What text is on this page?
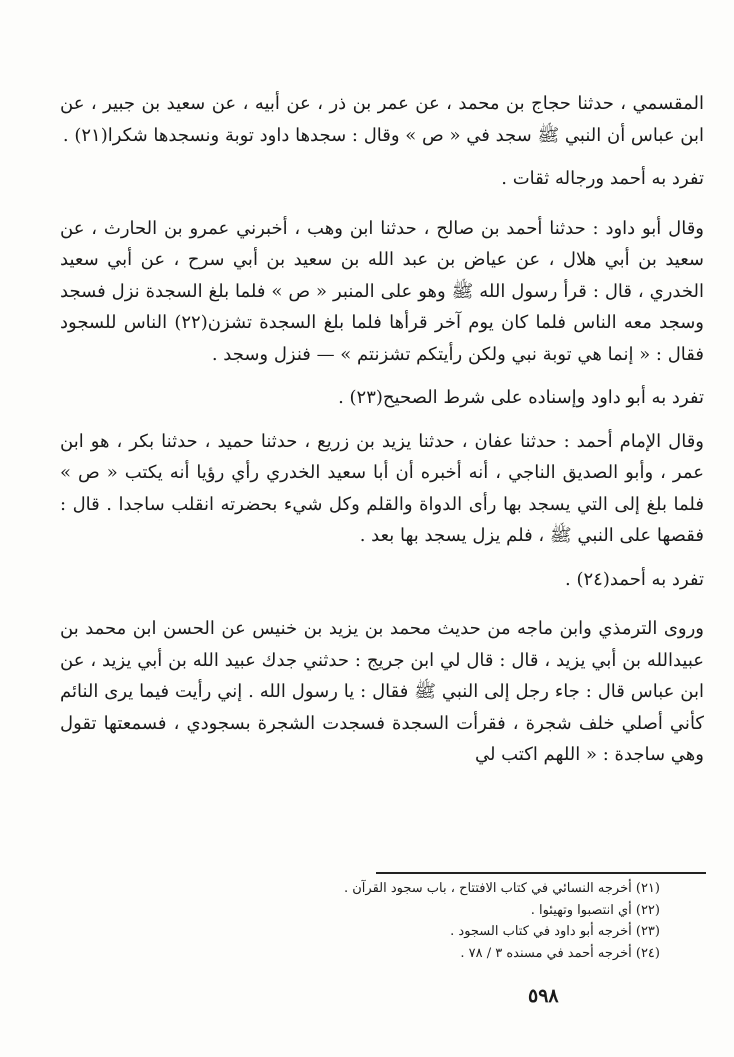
المقسمي ، حدثنا حجاج بن محمد ، عن عمر بن ذر ، عن أبيه ، عن سعيد بن جبير ، عن ابن عباس أن النبي ﷺ سجد في « ص » وقال : سجدها داود توبة ونسجدها شكرا(٢١) .

تفرد به أحمد ورجاله ثقات .

وقال أبو داود : حدثنا أحمد بن صالح ، حدثنا ابن وهب ، أخبرني عمرو بن الحارث ، عن سعيد بن أبي هلال ، عن عياض بن عبد الله بن سعيد بن أبي سرح ، عن أبي سعيد الخدري ، قال : قرأ رسول الله ﷺ وهو على المنبر « ص » فلما بلغ السجدة نزل فسجد وسجد معه الناس فلما كان يوم آخر قرأها فلما بلغ السجدة تشزن(٢٢) الناس للسجود فقال : « إنما هي توبة نبي ولكن رأيتكم تشزنتم » — فنزل وسجد .

تفرد به أبو داود وإسناده على شرط الصحيح(٢٣) .

وقال الإمام أحمد : حدثنا عفان ، حدثنا يزيد بن زريع ، حدثنا حميد ، حدثنا بكر ، هو ابن عمر ، وأبو الصديق الناجي ، أنه أخبره أن أبا سعيد الخدري رأي رؤيا أنه يكتب « ص » فلما بلغ إلى التي يسجد بها رأى الدواة والقلم وكل شيء بحضرته انقلب ساجدا . قال : فقصها على النبي ﷺ ، فلم يزل يسجد بها بعد .

تفرد به أحمد(٢٤) .

وروى الترمذي وابن ماجه من حديث محمد بن يزيد بن خنيس عن الحسن ابن محمد بن عبيدالله بن أبي يزيد ، قال : قال لي ابن جريج : حدثني جدك عبيد الله بن أبي يزيد ، عن ابن عباس قال : جاء رجل إلى النبي ﷺ فقال : يا رسول الله . إني رأيت فيما يرى النائم كأني أصلي خلف شجرة ، فقرأت السجدة فسجدت الشجرة بسجودي ، فسمعتها تقول وهي ساجدة : « اللهم اكتب لي

(٢١) أخرجه النسائي في كتاب الافتتاح ، باب سجود القرآن .
(٢٢) أي انتصبوا وتهيئوا .
(٢٣) أخرجه أبو داود في كتاب السجود .
(٢٤) أخرجه أحمد في مسنده ٣ / ٧٨ .
٥٩٨
